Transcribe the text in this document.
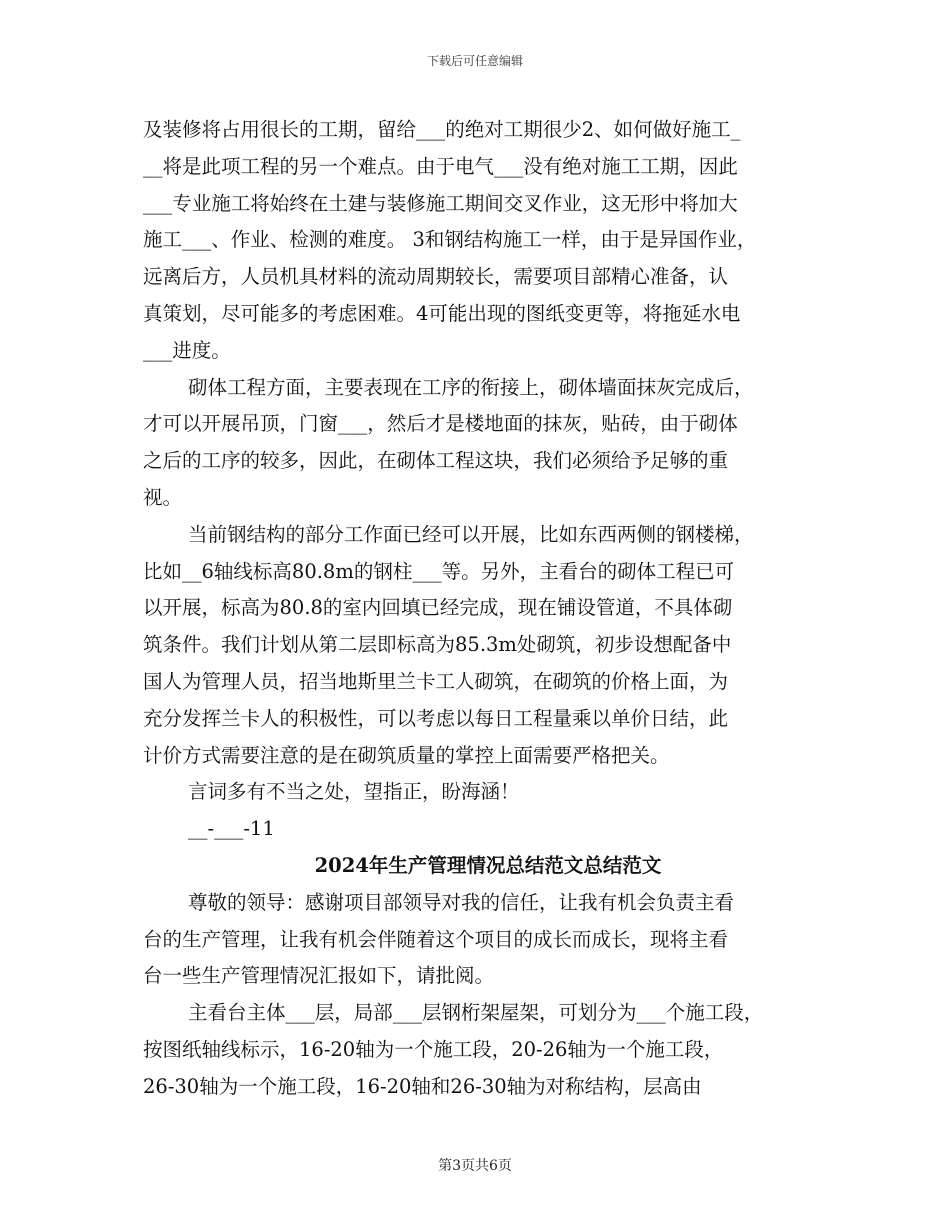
下载后可任意编辑
及装修将占用很长的工期，留给___的绝对工期很少2、如何做好施工_
__将是此项工程的另一个难点。由于电气___没有绝对施工工期，因此
___专业施工将始终在土建与装修施工期间交叉作业，这无形中将加大
施工___、作业、检测的难度。 3和钢结构施工一样，由于是异国作业，
远离后方，人员机具材料的流动周期较长，需要项目部精心准备，认
真策划，尽可能多的考虑困难。4可能出现的图纸变更等，将拖延水电
___进度。
砌体工程方面，主要表现在工序的衔接上，砌体墙面抹灰完成后，
才可以开展吊顶，门窗___，然后才是楼地面的抹灰，贴砖，由于砌体
之后的工序的较多，因此，在砌体工程这块，我们必须给予足够的重
视。
当前钢结构的部分工作面已经可以开展，比如东西两侧的钢楼梯，
比如__6轴线标高80.8m的钢柱___等。另外，主看台的砌体工程已可
以开展，标高为80.8的室内回填已经完成，现在铺设管道，不具体砌
筑条件。我们计划从第二层即标高为85.3m处砌筑，初步设想配备中
国人为管理人员，招当地斯里兰卡工人砌筑，在砌筑的价格上面，为
充分发挥兰卡人的积极性，可以考虑以每日工程量乘以单价日结，此
计价方式需要注意的是在砌筑质量的掌控上面需要严格把关。
言词多有不当之处，望指正，盼海涵！
__-___-11
2024年生产管理情况总结范文总结范文
尊敬的领导：感谢项目部领导对我的信任，让我有机会负责主看
台的生产管理，让我有机会伴随着这个项目的成长而成长，现将主看
台一些生产管理情况汇报如下，请批阅。
主看台主体___层，局部___层钢桁架屋架，可划分为___个施工段，
按图纸轴线标示，16-20轴为一个施工段，20-26轴为一个施工段，
26-30轴为一个施工段，16-20轴和26-30轴为对称结构，层高由
第3页共6页
